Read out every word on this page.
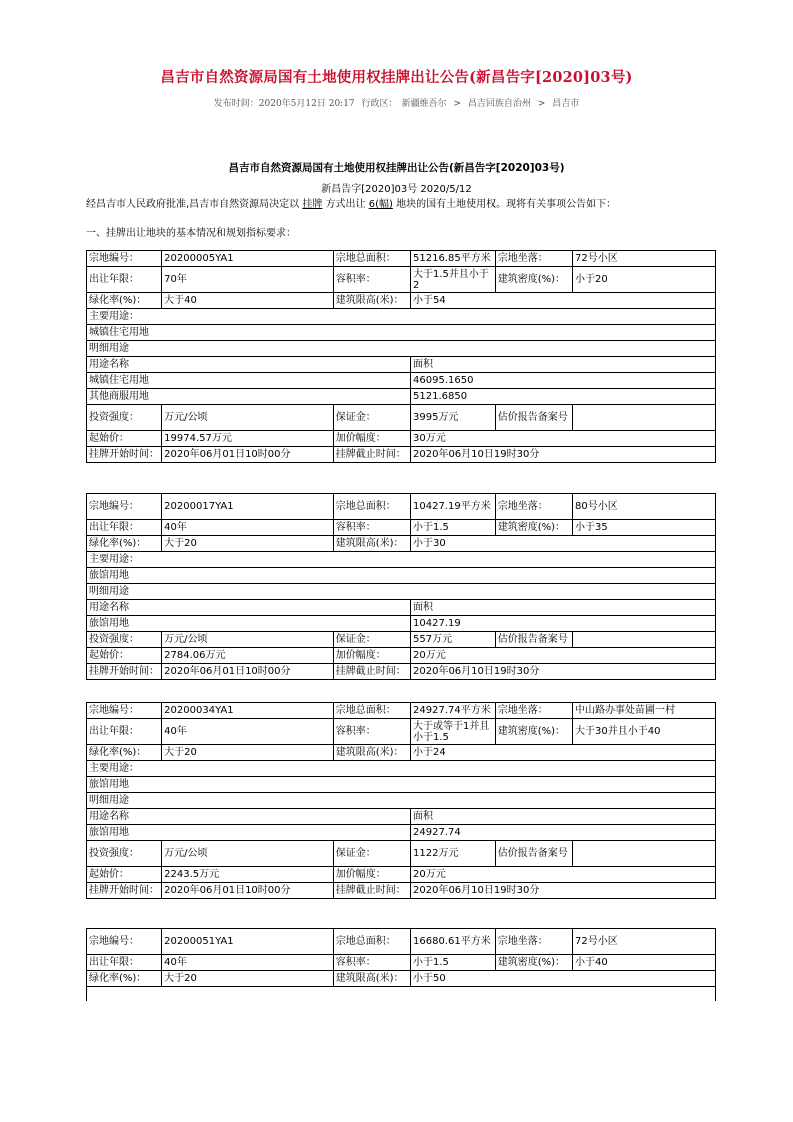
昌吉市自然资源局国有土地使用权挂牌出让公告(新昌告字[2020]03号)
发布时间：2020年5月12日 20:17 行政区： 新疆维吾尔 > 昌吉回族自治州 > 昌吉市
昌吉市自然资源局国有土地使用权挂牌出让公告(新昌告字[2020]03号)
新昌告字[2020]03号 2020/5/12
经昌吉市人民政府批准,昌吉市自然资源局决定以 挂牌 方式出让 6(幅) 地块的国有土地使用权。现将有关事项公告如下：
一、挂牌出让地块的基本情况和规划指标要求：
宗地编号：	20200005YA1	宗地总面积：	51216.85平方米	宗地坐落：	72号小区
出让年限：	70年	容积率：	大于1.5并且小于2	建筑密度(%)：	小于20
绿化率(%)：	大于40	建筑限高(米)：	小于54		
主要用途：					
城镇住宅用地					
明细用途					
用途名称			面积		
城镇住宅用地			46095.1650		
其他商服用地			5121.6850		
投资强度：	万元/公顷	保证金：	3995万元	估价报告备案号	
起始价：	19974.57万元	加价幅度：	30万元		
挂牌开始时间：	2020年06月01日10时00分	挂牌截止时间：	2020年06月10日19时30分		
宗地编号：	20200017YA1	宗地总面积：	10427.19平方米	宗地坐落：	80号小区
出让年限：	40年	容积率：	小于1.5	建筑密度(%)：	小于35
绿化率(%)：	大于20	建筑限高(米)：	小于30		
主要用途：					
旅馆用地					
明细用途					
用途名称			面积		
旅馆用地			10427.19		
投资强度：	万元/公顷	保证金：	557万元	估价报告备案号	
起始价：	2784.06万元	加价幅度：	20万元		
挂牌开始时间：	2020年06月01日10时00分	挂牌截止时间：	2020年06月10日19时30分		
宗地编号：	20200034YA1	宗地总面积：	24927.74平方米	宗地坐落：	中山路办事处苗圃一村
出让年限：	40年	容积率：	大于或等于1并且小于1.5	建筑密度(%)：	大于30并且小于40
绿化率(%)：	大于20	建筑限高(米)：	小于24		
主要用途：					
旅馆用地					
明细用途					
用途名称			面积		
旅馆用地			24927.74		
投资强度：	万元/公顷	保证金：	1122万元	估价报告备案号	
起始价：	2243.5万元	加价幅度：	20万元		
挂牌开始时间：	2020年06月01日10时00分	挂牌截止时间：	2020年06月10日19时30分		
宗地编号：	20200051YA1	宗地总面积：	16680.61平方米	宗地坐落：	72号小区
出让年限：	40年	容积率：	小于1.5	建筑密度(%)：	小于40
绿化率(%)：	大于20	建筑限高(米)：	小于50		
